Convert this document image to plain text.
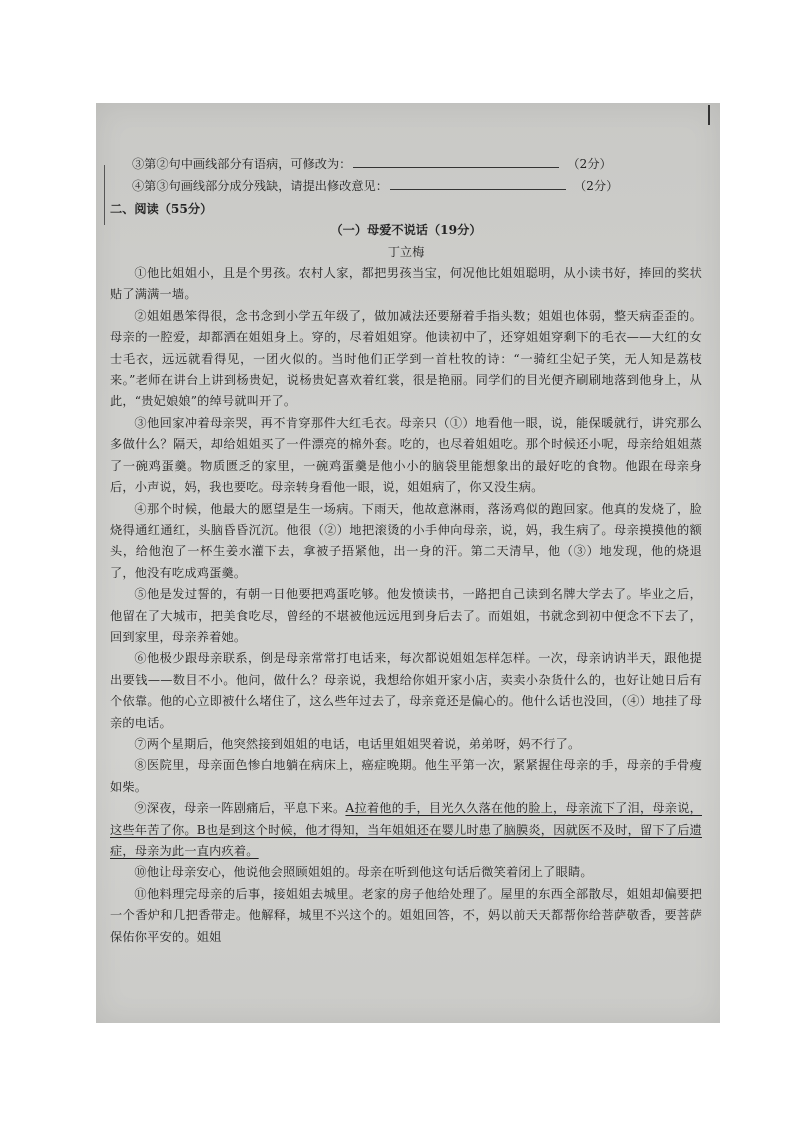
③第②句中画线部分有语病，可修改为：	（2分）
④第③句画线部分成分残缺，请提出修改意见：	（2分）
二、阅读（55分）
（一）母爱不说话（19分）
丁立梅

①他比姐姐小，且是个男孩。农村人家，都把男孩当宝，何况他比姐姐聪明，从小读书好，捧回的奖状贴了满满一墙。

②姐姐愚笨得很，念书念到小学五年级了，做加减法还要掰着手指头数；姐姐也体弱，整天病歪歪的。母亲的一腔爱，却都洒在姐姐身上。穿的，尽着姐姐穿。他读初中了，还穿姐姐穿剩下的毛衣——大红的女士毛衣，远远就看得见，一团火似的。当时他们正学到一首杜牧的诗：“一骑红尘妃子笑，无人知是荔枝来。”老师在讲台上讲到杨贵妃，说杨贵妃喜欢着红裳，很是艳丽。同学们的目光便齐刷刷地落到他身上，从此，“贵妃娘娘”的绰号就叫开了。

③他回家冲着母亲哭，再不肯穿那件大红毛衣。母亲只（①）地看他一眼，说，能保暖就行，讲究那么多做什么？隔天，却给姐姐买了一件漂亮的棉外套。吃的，也尽着姐姐吃。那个时候还小呢，母亲给姐姐蒸了一碗鸡蛋羹。物质匮乏的家里，一碗鸡蛋羹是他小小的脑袋里能想象出的最好吃的食物。他跟在母亲身后，小声说，妈，我也要吃。母亲转身看他一眼，说，姐姐病了，你又没生病。

④那个时候，他最大的愿望是生一场病。下雨天，他故意淋雨，落汤鸡似的跑回家。他真的发烧了，脸烧得通红通红，头脑昏昏沉沉。他很（②）地把滚烫的小手伸向母亲，说，妈，我生病了。母亲摸摸他的额头，给他泡了一杯生姜水灌下去，拿被子捂紧他，出一身的汗。第二天清早，他（③）地发现，他的烧退了，他没有吃成鸡蛋羹。

⑤他是发过誓的，有朝一日他要把鸡蛋吃够。他发愤读书，一路把自己读到名牌大学去了。毕业之后，他留在了大城市，把美食吃尽，曾经的不堪被他远远甩到身后去了。而姐姐，书就念到初中便念不下去了，回到家里，母亲养着她。

⑥他极少跟母亲联系，倒是母亲常常打电话来，每次都说姐姐怎样怎样。一次，母亲讷讷半天，跟他提出要钱——数目不小。他问，做什么？母亲说，我想给你姐开家小店，卖卖小杂货什么的，也好让她日后有个依靠。他的心立即被什么堵住了，这么些年过去了，母亲竟还是偏心的。他什么话也没回，（④）地挂了母亲的电话。

⑦两个星期后，他突然接到姐姐的电话，电话里姐姐哭着说，弟弟呀，妈不行了。

⑧医院里，母亲面色惨白地躺在病床上，癌症晚期。他生平第一次，紧紧握住母亲的手，母亲的手骨瘦如柴。

⑨深夜，母亲一阵剧痛后，平息下来。A拉着他的手，目光久久落在他的脸上，母亲流下了泪，母亲说，这些年苦了你。B也是到这个时候，他才得知，当年姐姐还在婴儿时患了脑膜炎，因就医不及时，留下了后遗症，母亲为此一直内疚着。

⑩他让母亲安心，他说他会照顾姐姐的。母亲在听到他这句话后微笑着闭上了眼睛。

⑪他料理完母亲的后事，接姐姐去城里。老家的房子他给处理了。屋里的东西全部散尽，姐姐却偏要把一个香炉和几把香带走。他解释，城里不兴这个的。姐姐回答，不，妈以前天天都帮你给菩萨敬香，要菩萨保佑你平安的。姐姐
